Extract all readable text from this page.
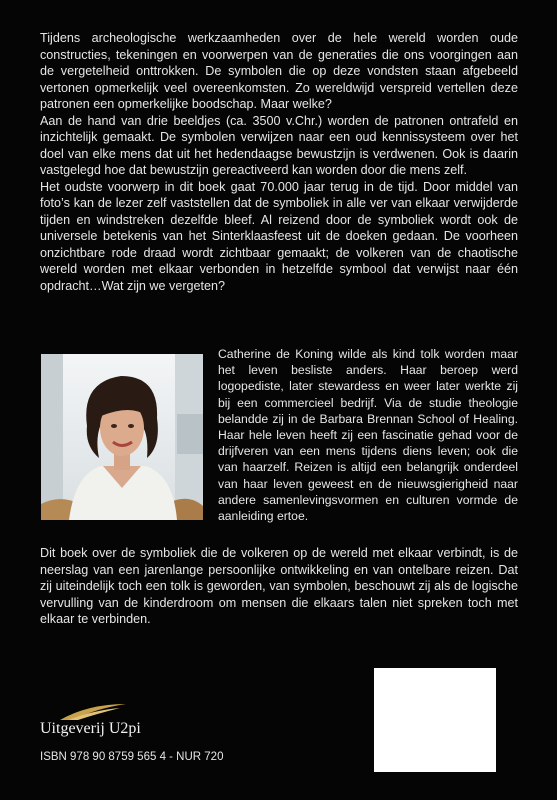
Tijdens archeologische werkzaamheden over de hele wereld worden oude constructies, tekeningen en voorwerpen van de generaties die ons voorgingen aan de vergetelheid onttrokken. De symbolen die op deze vondsten staan afgebeeld vertonen opmerkelijk veel overeenkomsten. Zo wereldwijd verspreid vertellen deze patronen een opmerkelijke boodschap. Maar welke?

Aan de hand van drie beeldjes (ca. 3500 v.Chr.) worden de patronen ontrafeld en inzichtelijk gemaakt. De symbolen verwijzen naar een oud kennissysteem over het doel van elke mens dat uit het hedendaagse bewustzijn is verdwenen. Ook is daarin vastgelegd hoe dat bewustzijn gereactiveerd kan worden door die mens zelf.

Het oudste voorwerp in dit boek gaat 70.000 jaar terug in de tijd. Door middel van foto’s kan de lezer zelf vaststellen dat de symboliek in alle ver van elkaar verwijderde tijden en windstreken dezelfde bleef. Al reizend door de symboliek wordt ook de universele betekenis van het Sinterklaasfeest uit de doeken gedaan. De voorheen onzichtbare rode draad wordt zichtbaar gemaakt; de volkeren van de chaotische wereld worden met elkaar verbonden in hetzelfde symbool dat verwijst naar één opdracht…Wat zijn we vergeten?

Catherine de Koning wilde als kind tolk worden maar het leven besliste anders. Haar beroep werd logopediste, later stewardess en weer later werkte zij bij een commercieel bedrijf. Via de studie theologie belandde zij in de Barbara Brennan School of Healing. Haar hele leven heeft zij een fascinatie gehad voor de drijfveren van een mens tijdens diens leven; ook die van haarzelf. Reizen is altijd een belangrijk onderdeel van haar leven geweest en de nieuwsgierigheid naar andere samenlevingsvormen en culturen vormde de aanleiding ertoe.

Dit boek over de symboliek die de volkeren op de wereld met elkaar verbindt, is de neerslag van een jarenlange persoonlijke ontwikkeling en van ontelbare reizen. Dat zij uiteindelijk toch een tolk is geworden, van symbolen, beschouwt zij als de logische vervulling van de kinderdroom om mensen die elkaars talen niet spreken toch met elkaar te verbinden.

Uitgeverij U2pi
ISBN 978 90 8759 565 4 - NUR 720
